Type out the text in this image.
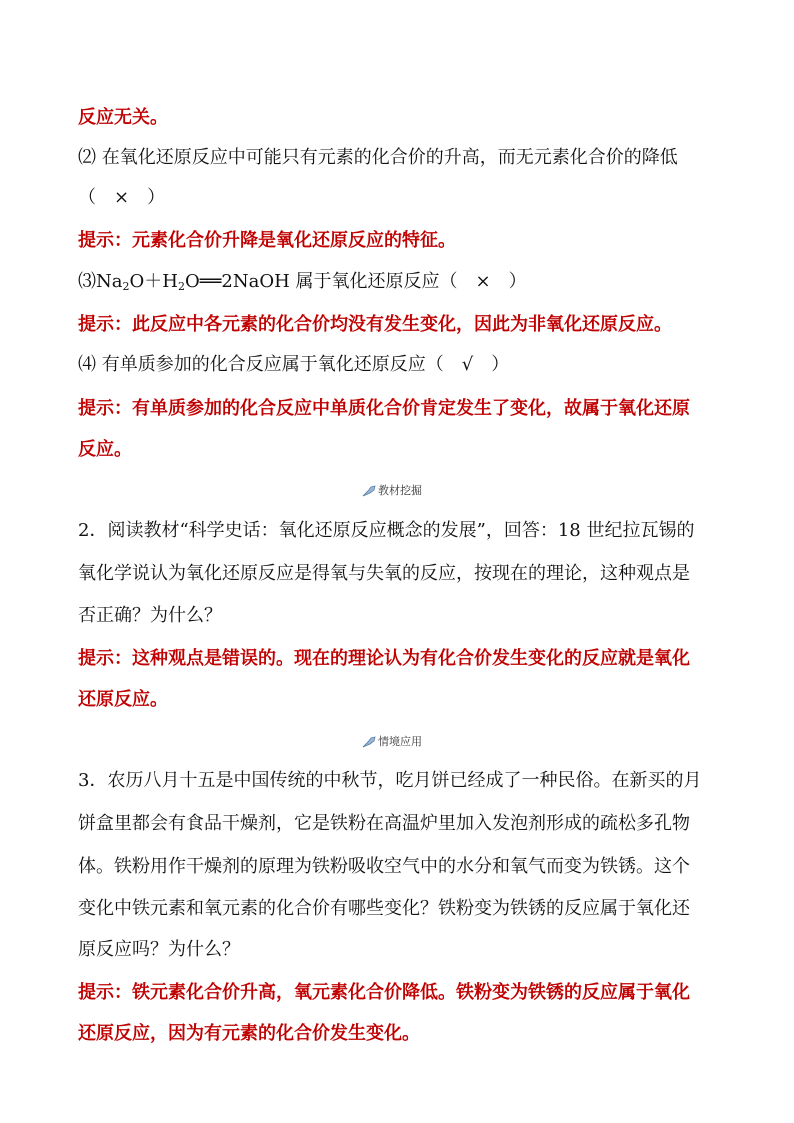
反应无关。
⑵ 在氧化还原反应中可能只有元素的化合价的升高，而无元素化合价的降低
（　×　）
提示：元素化合价升降是氧化还原反应的特征。
$⑶Na_2O+H_2O══2NaOH$ 属于氧化还原反应（　×　）
提示：此反应中各元素的化合价均没有发生变化，因此为非氧化还原反应。
⑷ 有单质参加的化合反应属于氧化还原反应（　√　）
提示：有单质参加的化合反应中单质化合价肯定发生了变化，故属于氧化还原
反应。
教材挖掘
2．阅读教材“科学史话：氧化还原反应概念的发展”，回答：18 世纪拉瓦锡的
氧化学说认为氧化还原反应是得氧与失氧的反应，按现在的理论，这种观点是
否正确？为什么？
提示：这种观点是错误的。现在的理论认为有化合价发生变化的反应就是氧化
还原反应。
情境应用
3．农历八月十五是中国传统的中秋节，吃月饼已经成了一种民俗。在新买的月
饼盒里都会有食品干燥剂，它是铁粉在高温炉里加入发泡剂形成的疏松多孔物
体。铁粉用作干燥剂的原理为铁粉吸收空气中的水分和氧气而变为铁锈。这个
变化中铁元素和氧元素的化合价有哪些变化？铁粉变为铁锈的反应属于氧化还
原反应吗？为什么？
提示：铁元素化合价升高，氧元素化合价降低。铁粉变为铁锈的反应属于氧化
还原反应，因为有元素的化合价发生变化。
